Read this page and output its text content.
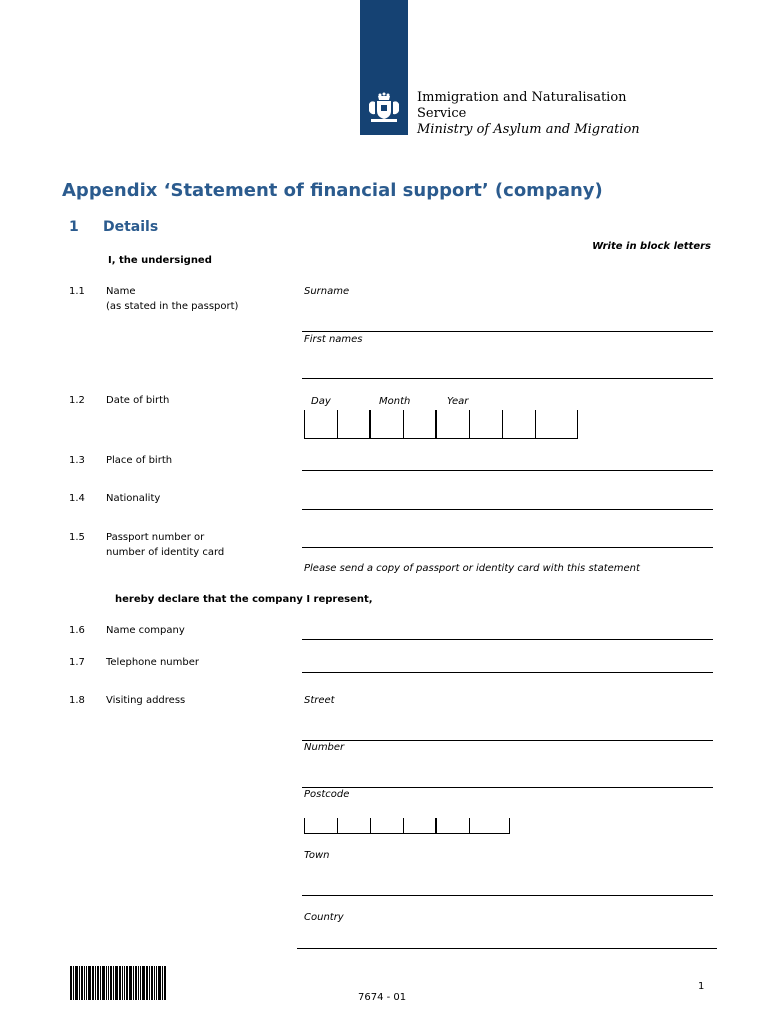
Immigration and Naturalisation
Service
Ministry of Asylum and Migration
Appendix ‘Statement of financial support’ (company)
1 Details
Write in block letters
I, the undersigned
1.1 Name
(as stated in the passport)
Surname
First names
1.2 Date of birth	Day	Month	Year
1.3 Place of birth
1.4 Nationality
1.5 Passport number or
number of identity card
Please send a copy of passport or identity card with this statement
hereby declare that the company I represent,
1.6 Name company
1.7 Telephone number
1.8 Visiting address	Street
Number
Postcode
Town
Country
7674 - 01
1
